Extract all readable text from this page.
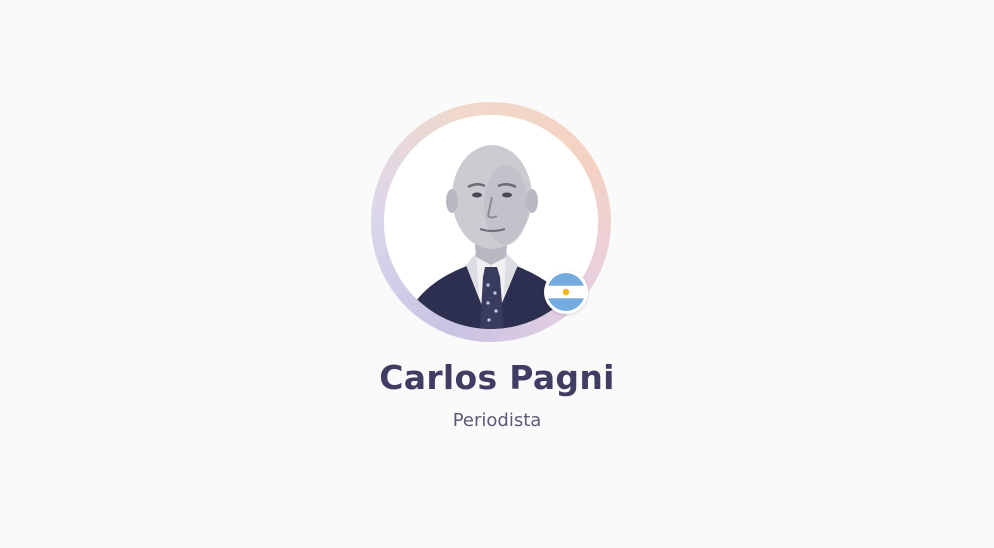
Carlos Pagni
Periodista
